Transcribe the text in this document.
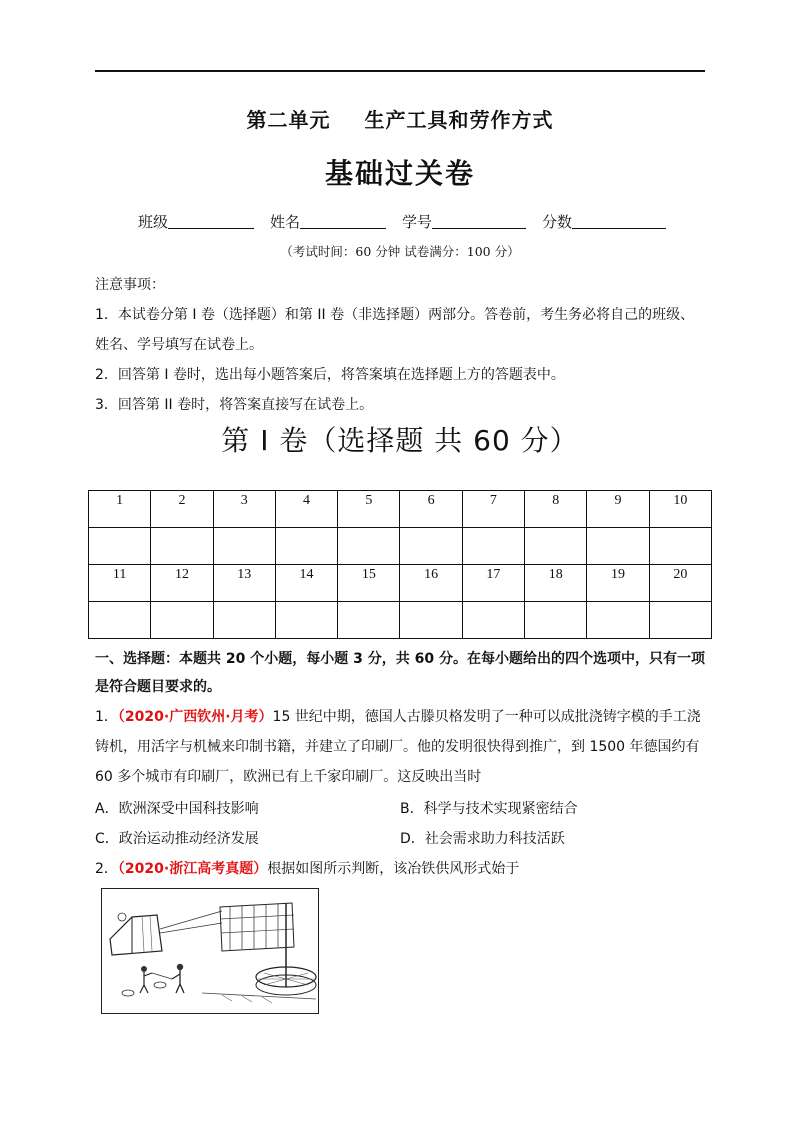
第二单元 生产工具和劳作方式
基础过关卷
班级	姓名	学号	分数
（考试时间：60 分钟 试卷满分：100 分）

注意事项：

1．本试卷分第 I 卷（选择题）和第 II 卷（非选择题）两部分。答卷前，考生务必将自己的班级、姓名、学号填写在试卷上。

2．回答第 I 卷时，选出每小题答案后，将答案填在选择题上方的答题表中。

3．回答第 II 卷时，将答案直接写在试卷上。

第 I 卷（选择题 共 60 分）
1	2	3	4	5	6	7	8	9	10

11	12	13	14	15	16	17	18	19	20

一、选择题：本题共 20 个小题，每小题 3 分，共 60 分。在每小题给出的四个选项中，只有一项是符合题目要求的。
1．（2020·广西钦州·月考）15 世纪中期，德国人古滕贝格发明了一种可以成批浇铸字模的手工浇铸机，用活字与机械来印制书籍，并建立了印刷厂。他的发明很快得到推广，到 1500 年德国约有 60 多个城市有印刷厂，欧洲已有上千家印刷厂。这反映出当时
A．欧洲深受中国科技影响	B．科学与技术实现紧密结合
C．政治运动推动经济发展	D．社会需求助力科技活跃
2．（2020·浙江高考真题）根据如图所示判断，该冶铁供风形式始于
